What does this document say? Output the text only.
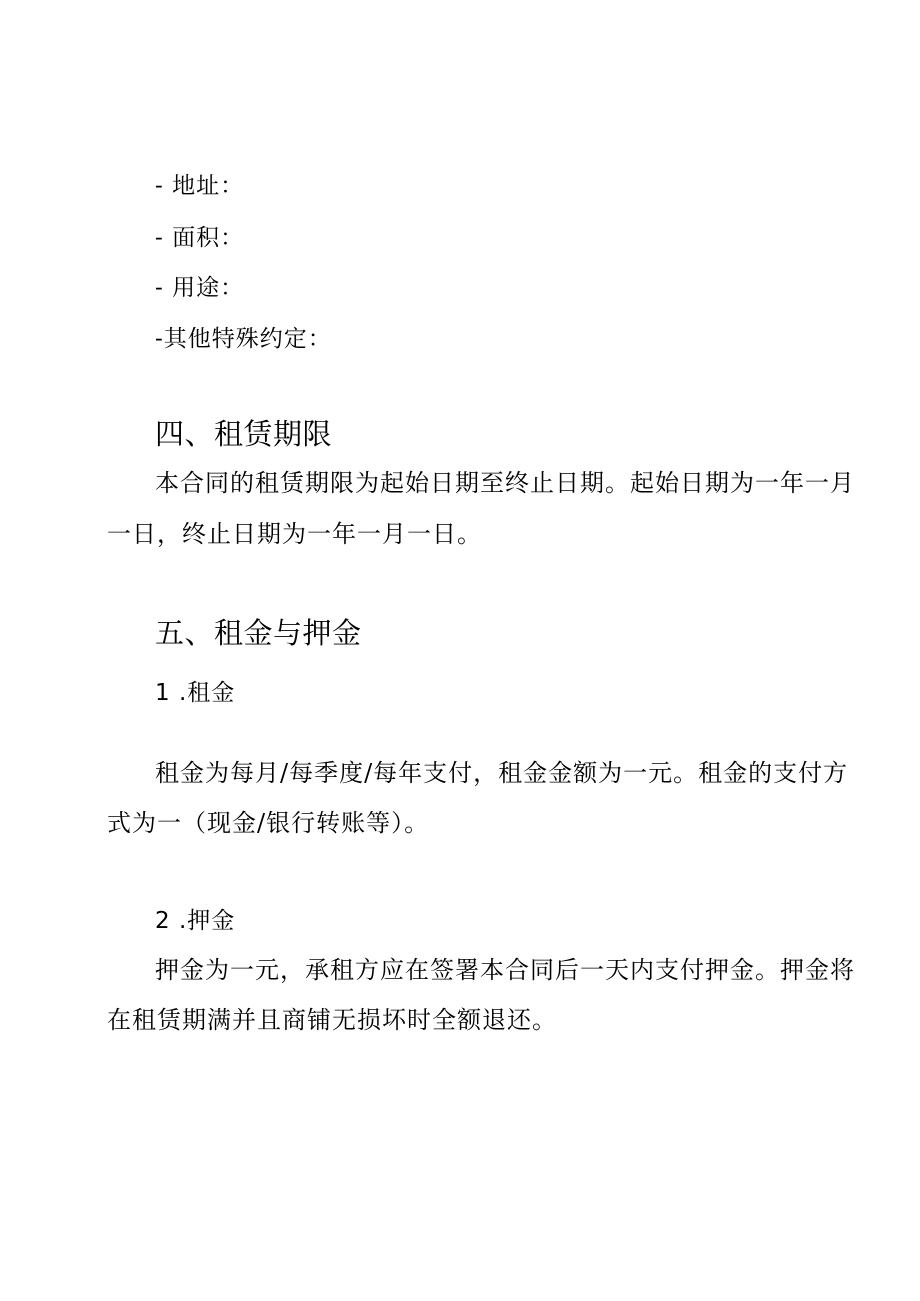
- 地址：
- 面积：
- 用途：
-其他特殊约定：
四、租赁期限
本合同的租赁期限为起始日期至终止日期。起始日期为一年一月
一日，终止日期为一年一月一日。
五、租金与押金
1 .租金
租金为每月/每季度/每年支付，租金金额为一元。租金的支付方
式为一（现金/银行转账等）。
2 .押金
押金为一元，承租方应在签署本合同后一天内支付押金。押金将
在租赁期满并且商铺无损坏时全额退还。
